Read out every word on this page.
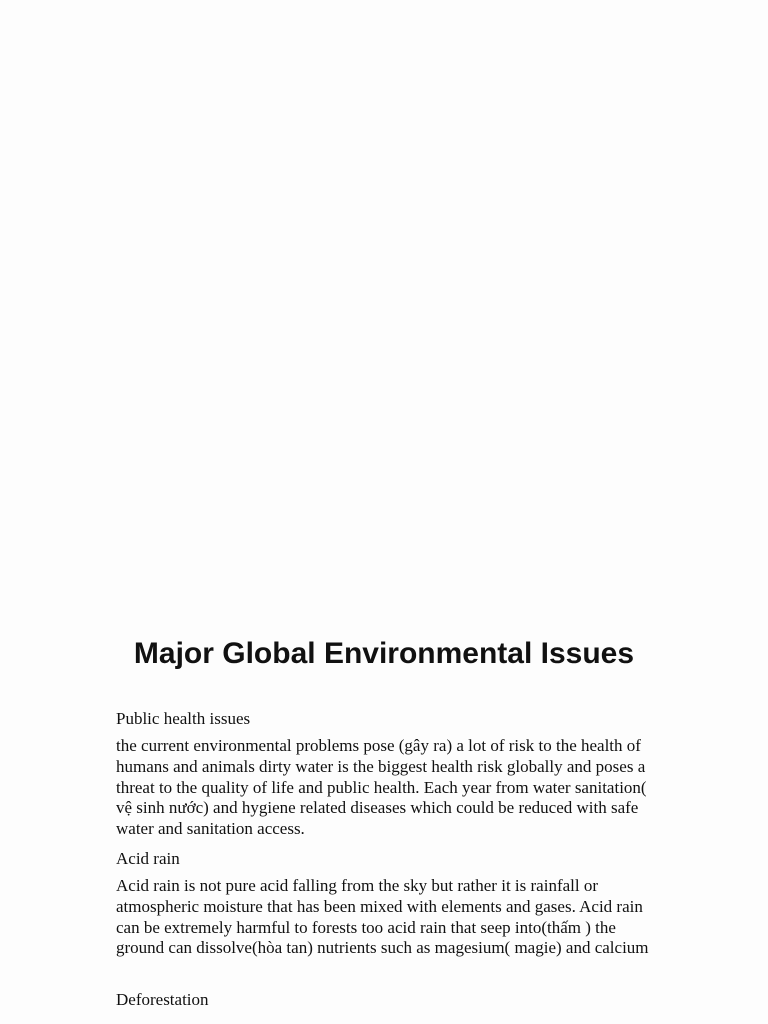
Major Global Environmental Issues

Public health issues

the current environmental problems pose (gây ra) a lot of risk to the health of humans and animals dirty water is the biggest health risk globally and poses a threat to the quality of life and public health. Each year from water sanitation( vệ sinh nước) and hygiene related diseases which could be reduced with safe water and sanitation access.

Acid rain

Acid rain is not pure acid falling from the sky but rather it is rainfall or atmospheric moisture that has been mixed with elements and gases. Acid rain can be extremely harmful to forests too acid rain that seep into(thấm ) the ground can dissolve(hòa tan) nutrients such as magesium( magie) and calcium

Deforestation
